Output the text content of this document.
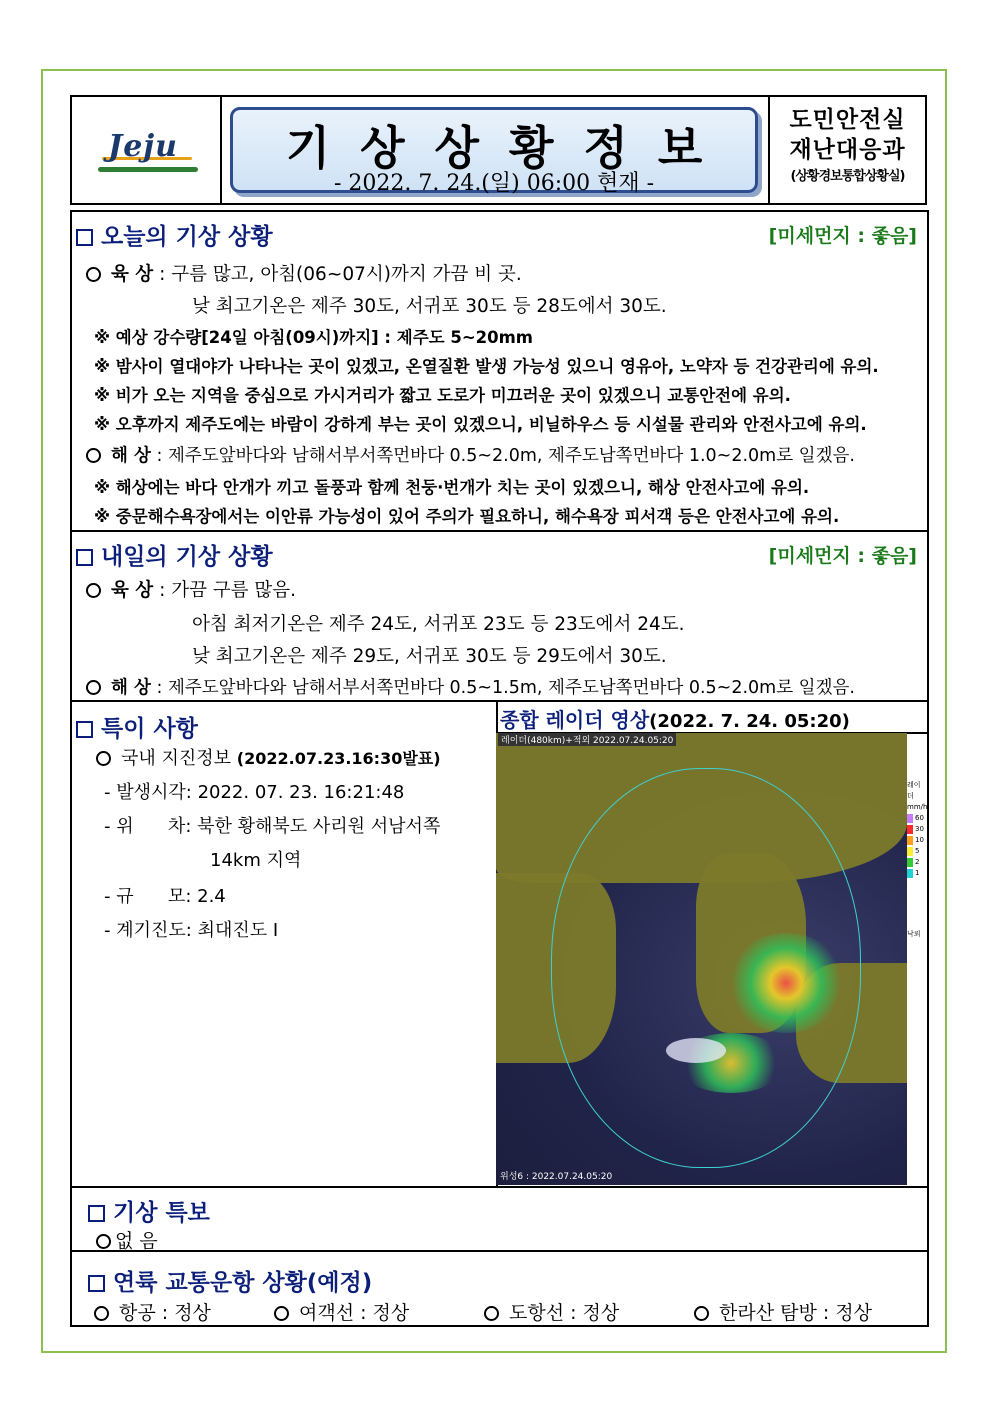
Jeju	기상상황정보
- 2022. 7. 24.(일) 06:00 현재 -
도민안전실
재난대응과
(상황경보통합상황실)
오늘의 기상 상황	[미세먼지 : 좋음]
육 상 : 구름 많고, 아침(06~07시)까지 가끔 비 곳.
낮 최고기온은 제주 30도, 서귀포 30도 등 28도에서 30도.
※ 예상 강수량[24일 아침(09시)까지] : 제주도 5~20mm
※ 밤사이 열대야가 나타나는 곳이 있겠고, 온열질환 발생 가능성 있으니 영유아, 노약자 등 건강관리에 유의.
※ 비가 오는 지역을 중심으로 가시거리가 짧고 도로가 미끄러운 곳이 있겠으니 교통안전에 유의.
※ 오후까지 제주도에는 바람이 강하게 부는 곳이 있겠으니, 비닐하우스 등 시설물 관리와 안전사고에 유의.
해 상 : 제주도앞바다와 남해서부서쪽먼바다 0.5~2.0m, 제주도남쪽먼바다 1.0~2.0m로 일겠음.
※ 해상에는 바다 안개가 끼고 돌풍과 함께 천둥·번개가 치는 곳이 있겠으니, 해상 안전사고에 유의.
※ 중문해수욕장에서는 이안류 가능성이 있어 주의가 필요하니, 해수욕장 피서객 등은 안전사고에 유의.
내일의 기상 상황	[미세먼지 : 좋음]
육 상 : 가끔 구름 많음.
아침 최저기온은 제주 24도, 서귀포 23도 등 23도에서 24도.
낮 최고기온은 제주 29도, 서귀포 30도 등 29도에서 30도.
해 상 : 제주도앞바다와 남해서부서쪽먼바다 0.5~1.5m, 제주도남쪽먼바다 0.5~2.0m로 일겠음.
특이 사항
국내 지진정보 (2022.07.23.16:30발표)
- 발생시각: 2022. 07. 23. 16:21:48
- 위      차: 북한 황해북도 사리원 서남서쪽
14km 지역
- 규      모: 2.4
- 계기진도: 최대진도 Ⅰ
종합 레이더 영상(2022. 7. 24. 05:20)
레이더(480km)+적외 2022.07.24.05:20
위성6 : 2022.07.24.05:20
레이더 mm/h
60
30
10
5
2
1
낙뢰
기상 특보
없 음
연륙 교통운항 상황(예정)
항공 : 정상	여객선 : 정상	도항선 : 정상	한라산 탐방 : 정상
